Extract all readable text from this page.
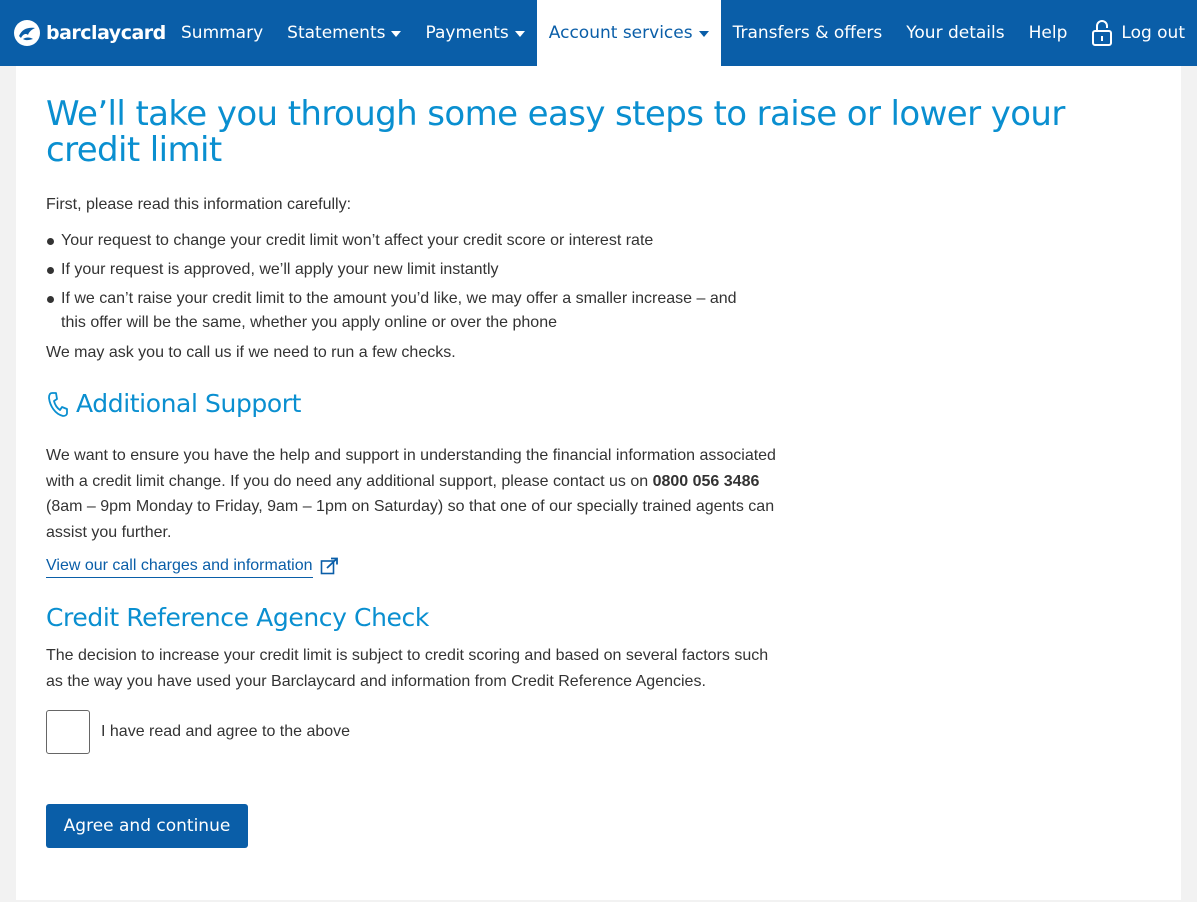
barclaycard Summary Statements Payments Account services Transfers & offers Your details Help	Log out
We’ll take you through some easy steps to raise or lower your credit limit

First, please read this information carefully:

Your request to change your credit limit won’t affect your credit score or interest rate
If your request is approved, we’ll apply your new limit instantly
If we can’t raise your credit limit to the amount you’d like, we may offer a smaller increase – and this offer will be the same, whether you apply online or over the phone

We may ask you to call us if we need to run a few checks.

Additional Support

We want to ensure you have the help and support in understanding the financial information associated with a credit limit change. If you do need any additional support, please contact us on 0800 056 3486 (8am – 9pm Monday to Friday, 9am – 1pm on Saturday) so that one of our specially trained agents can assist you further.

View our call charges and information
Credit Reference Agency Check

The decision to increase your credit limit is subject to credit scoring and based on several factors such as the way you have used your Barclaycard and information from Credit Reference Agencies.

I have read and agree to the above
Agree and continue
